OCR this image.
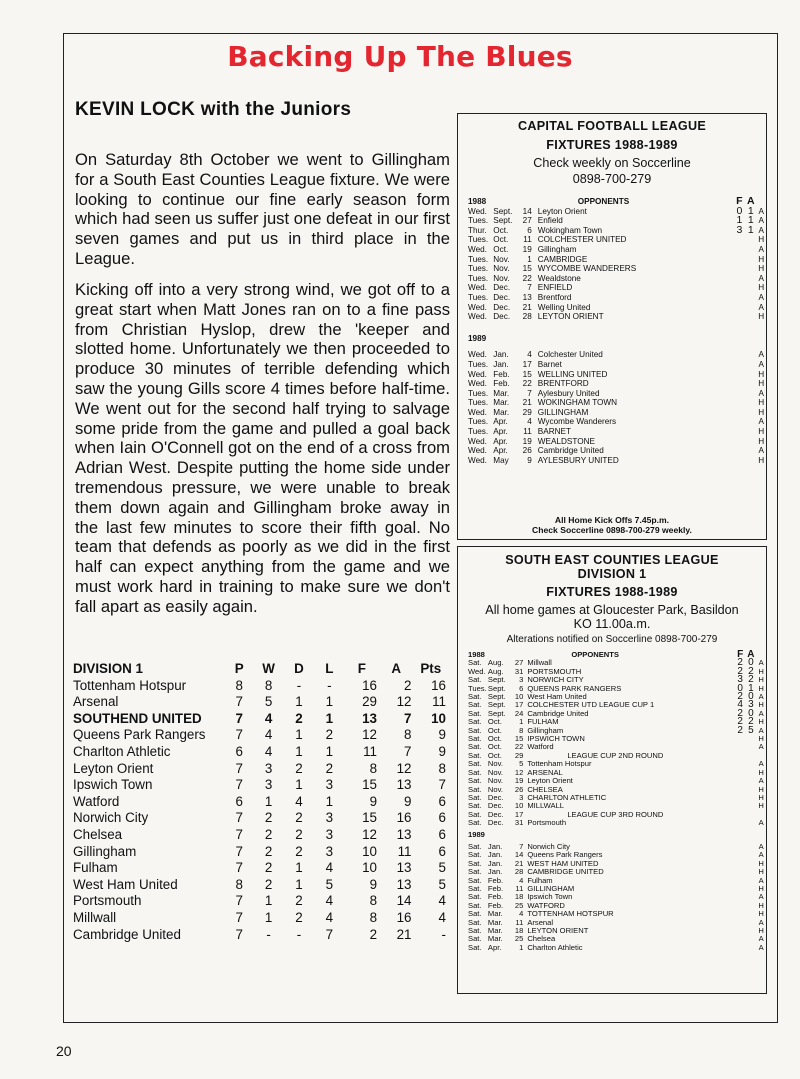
Backing Up The Blues
KEVIN LOCK with the Juniors

On Saturday 8th October we went to Gillingham for a South East Counties League fixture. We were looking to continue our fine early season form which had seen us suffer just one defeat in our first seven games and put us in third place in the League.

Kicking off into a very strong wind, we got off to a great start when Matt Jones ran on to a fine pass from Christian Hyslop, drew the 'keeper and slotted home. Unfortunately we then proceeded to produce 30 minutes of terrible defending which saw the young Gills score 4 times before half-time. We went out for the second half trying to salvage some pride from the game and pulled a goal back when Iain O'Connell got on the end of a cross from Adrian West. Despite putting the home side under tremendous pressure, we were unable to break them down again and Gillingham broke away in the last few minutes to score their fifth goal. No team that defends as poorly as we did in the first half can expect anything from the game and we must work hard in training to make sure we don't fall apart as easily again.

DIVISION 1	P	W	D	L	F	A	Pts
Tottenham Hotspur	8	8	-	-	16	2	16
Arsenal	7	5	1	1	29	12	11
SOUTHEND UNITED	7	4	2	1	13	7	10
Queens Park Rangers	7	4	1	2	12	8	9
Charlton Athletic	6	4	1	1	11	7	9
Leyton Orient	7	3	2	2	8	12	8
Ipswich Town	7	3	1	3	15	13	7
Watford	6	1	4	1	9	9	6
Norwich City	7	2	2	3	15	16	6
Chelsea	7	2	2	3	12	13	6
Gillingham	7	2	2	3	10	11	6
Fulham	7	2	1	4	10	13	5
West Ham United	8	2	1	5	9	13	5
Portsmouth	7	1	2	4	8	14	4
Millwall	7	1	2	4	8	16	4
Cambridge United	7	-	-	7	2	21	-
CAPITAL FOOTBALL LEAGUE
FIXTURES 1988-1989
Check weekly on Soccerline
0898-700-279
1988			OPPONENTS	F	A	
Wed.	Sept.	14	Leyton Orient	0	1	A
Tues.	Sept.	27	Enfield	1	1	A
Thur.	Oct.	6	Wokingham Town	3	1	A
Tues.	Oct.	11	COLCHESTER UNITED			H
Wed.	Oct.	19	Gillingham			A
Tues.	Nov.	1	CAMBRIDGE			H
Tues.	Nov.	15	WYCOMBE WANDERERS			H
Tues.	Nov.	22	Wealdstone			A
Wed.	Dec.	7	ENFIELD			H
Tues.	Dec.	13	Brentford			A
Wed.	Dec.	21	Welling United			A
Wed.	Dec.	28	LEYTON ORIENT			H

1989						

Wed.	Jan.	4	Colchester United			A
Tues.	Jan.	17	Barnet			A
Wed.	Feb.	15	WELLING UNITED			H
Wed.	Feb.	22	BRENTFORD			H
Tues.	Mar.	7	Aylesbury United			A
Tues.	Mar.	21	WOKINGHAM TOWN			H
Wed.	Mar.	29	GILLINGHAM			H
Tues.	Apr.	4	Wycombe Wanderers			A
Tues.	Apr.	11	BARNET			H
Wed.	Apr.	19	WEALDSTONE			H
Wed.	Apr.	26	Cambridge United			A
Wed.	May	9	AYLESBURY UNITED			H
All Home Kick Offs 7.45p.m.
Check Soccerline 0898-700-279 weekly.
SOUTH EAST COUNTIES LEAGUE
DIVISION 1
FIXTURES 1988-1989
All home games at Gloucester Park, Basildon
KO 11.00a.m.
Alterations notified on Soccerline 0898-700-279
1988			OPPONENTS	F	A	
Sat.	Aug.	27	Millwall	2	0	A
Wed.	Aug.	31	PORTSMOUTH	2	2	H
Sat.	Sept.	3	NORWICH CITY	3	2	H
Tues.	Sept.	6	QUEENS PARK RANGERS	0	1	H
Sat.	Sept.	10	West Ham United	2	0	A
Sat.	Sept.	17	COLCHESTER UTD LEAGUE CUP 1	4	3	H
Sat.	Sept.	24	Cambridge United	2	0	A
Sat.	Oct.	1	FULHAM	2	2	H
Sat.	Oct.	8	Gillingham	2	5	A
Sat.	Oct.	15	IPSWICH TOWN			H
Sat.	Oct.	22	Watford			A
Sat.	Oct.	29	LEAGUE CUP 2ND ROUND			
Sat.	Nov.	5	Tottenham Hotspur			A
Sat.	Nov.	12	ARSENAL			H
Sat.	Nov.	19	Leyton Orient			A
Sat.	Nov.	26	CHELSEA			H
Sat.	Dec.	3	CHARLTON ATHLETIC			H
Sat.	Dec.	10	MILLWALL			H
Sat.	Dec.	17	LEAGUE CUP 3RD ROUND			
Sat.	Dec.	31	Portsmouth			A

1989						

Sat.	Jan.	7	Norwich City			A
Sat.	Jan.	14	Queens Park Rangers			A
Sat.	Jan.	21	WEST HAM UNITED			H
Sat.	Jan.	28	CAMBRIDGE UNITED			H
Sat.	Feb.	4	Fulham			A
Sat.	Feb.	11	GILLINGHAM			H
Sat.	Feb.	18	Ipswich Town			A
Sat.	Feb.	25	WATFORD			H
Sat.	Mar.	4	TOTTENHAM HOTSPUR			H
Sat.	Mar.	11	Arsenal			A
Sat.	Mar.	18	LEYTON ORIENT			H
Sat.	Mar.	25	Chelsea			A
Sat.	Apr.	1	Charlton Athletic			A
20
